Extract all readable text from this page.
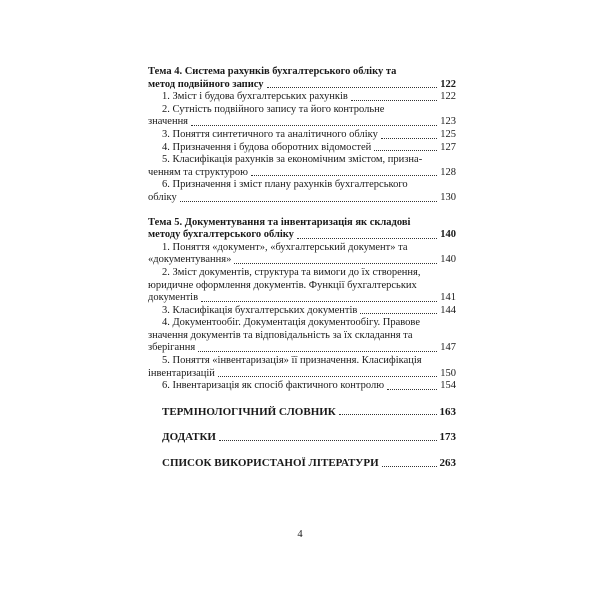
Тема 4. Система рахунків бухгалтерського обліку та
метод подвійного запису	122
1. Зміст і будова бухгалтерських рахунків	122
2. Сутність подвійного запису та його контрольне
значення	123
3. Поняття синтетичного та аналітичного обліку	125
4. Призначення і будова оборотних відомостей	127
5. Класифікація рахунків за економічним змістом, призна-
ченням та структурою	128
6. Призначення і зміст плану рахунків бухгалтерського
обліку	130
Тема 5. Документування та інвентаризація як складові
методу бухгалтерського обліку	140
1. Поняття «документ», «бухгалтерський документ» та
«документування»	140
2. Зміст документів, структура та вимоги до їх створення,
юридичне оформлення документів. Функції бухгалтерських
документів	141
3. Класифікація бухгалтерських документів	144
4. Документообіг. Документація документообігу. Правове
значення документів та відповідальність за їх складання та
зберігання	147
5. Поняття «інвентаризація» її призначення. Класифікація
інвентаризацій	150
6. Інвентаризація як спосіб фактичного контролю	154
ТЕРМІНОЛОГІЧНИЙ СЛОВНИК	163
ДОДАТКИ	173
СПИСОК ВИКОРИСТАНОЇ ЛІТЕРАТУРИ	263
4
